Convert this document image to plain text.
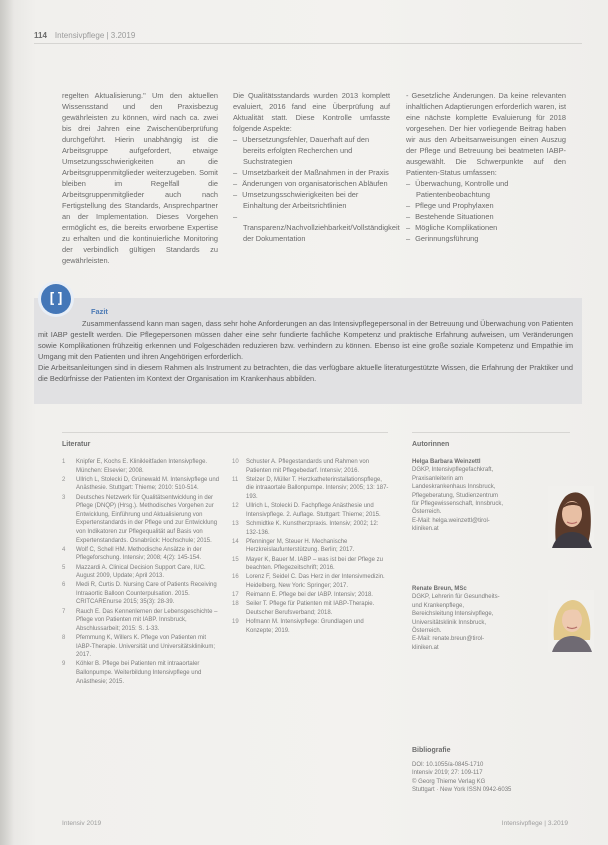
114 Intensivpflege | 3.2019

regelten Aktualisierung." Um den aktuellen Wissensstand und den Praxisbezug gewährleisten zu können, wird nach ca. zwei bis drei Jahren eine Zwischenüberprüfung durchgeführt. Hierin unabhängig ist die Arbeitsgruppe aufgefordert, etwaige Umsetzungsschwierigkeiten an die Arbeitsgruppenmitglieder weiterzugeben. Somit bleiben im Regelfall die Arbeitsgruppenmitglieder auch nach Fertigstellung des Standards, Ansprechpartner an der Implementation. Dieses Vorgehen ermöglicht es, die bereits erworbene Expertise zu erhalten und die kontinuierliche Monitoring der verbindlich gültigen Standards zu gewährleisten.

Die Qualitätsstandards wurden 2013 komplett evaluiert, 2016 fand eine Überprüfung auf Aktualität statt. Diese Kontrolle umfasste folgende Aspekte:

– Ubersetzungsfehler, Dauerhaft auf den bereits erfolgten Recherchen und Suchstrategien
– Umsetzbarkeit der Maßnahmen in der Praxis
– Änderungen von organisatorischen Abläufen
– Umsetzungsschwierigkeiten bei der Einhaltung der Arbeitsrichtlinien
– Transparenz/Nachvollziehbarkeit/Vollständigkeit der Dokumentation

- Gesetzliche Änderungen. Da keine relevanten inhaltlichen Adaptierungen erforderlich waren, ist eine nächste komplette Evaluierung für 2018 vorgesehen. Der hier vorliegende Beitrag haben wir aus den Arbeitsanweisungen einen Auszug der Pflege und Betreuung bei beatmeten IABP-ausgewählt. Die Schwerpunkte auf den Patienten-Status umfassen:

– Überwachung, Kontrolle und Patientenbeobachtung
– Pflege und Prophylaxen
– Bestehende Situationen
– Mögliche Komplikationen
– Gerinnungsführung
[]
Fazit

Zusammenfassend kann man sagen, dass sehr hohe Anforderungen an das Intensivpflegepersonal in der Betreuung und Überwachung von Patienten mit IABP gestellt werden. Die Pflegepersonen müssen daher eine sehr fundierte fachliche Kompetenz und praktische Erfahrung aufweisen, um Veränderungen sowie Komplikationen frühzeitig erkennen und Folgeschäden reduzieren bzw. verhindern zu können. Ebenso ist eine große soziale Kompetenz und Empathie im Umgang mit den Patienten und ihren Angehörigen erforderlich.

Die Arbeitsanleitungen sind in diesem Rahmen als Instrument zu betrachten, die das verfügbare aktuelle literaturgestützte Wissen, die Erfahrung der Praktiker und die Bedürfnisse der Patienten im Kontext der Organisation im Krankenhaus abbilden.

Literatur
1	Knipfer E, Kochs E. Klinikleitfaden Intensivpflege. München: Elsevier; 2008.
2	Ullrich L, Stolecki D, Grünewald M. Intensivpflege und Anästhesie. Stuttgart: Thieme; 2010: 510-514.
3	Deutsches Netzwerk für Qualitätsentwicklung in der Pflege (DNQP) (Hrsg.). Methodisches Vorgehen zur Entwicklung, Einführung und Aktualisierung von Expertenstandards in der Pflege und zur Entwicklung von Indikatoren zur Pflegequalität auf Basis von Expertenstandards. Osnabrück: Hochschule; 2015.
4	Wolf C, Schell HM. Methodische Ansätze in der Pflegeforschung. Intensiv; 2008; 4(2): 145-154.
5	Mazzardi A. Clinical Decision Support Care, IUC. August 2009, Update; April 2013.
6	Medi R, Curtis D. Nursing Care of Patients Receiving Intraaortic Balloon Counterpulsation. 2015. CRITCAREnurse 2015; 35(3): 28-39.
7	Rauch E. Das Kennenlernen der Lebensgeschichte – Pflege von Patienten mit IABP. Innsbruck, Abschlussarbeit; 2015: S. 1-33.
8	Pfemmung K, Willers K. Pflege von Patienten mit IABP-Therapie. Universität und Universitätsklinikum; 2017.
9	Köhler B. Pflege bei Patienten mit intraaortaler Ballonpumpe. Weiterbildung Intensivpflege und Anästhesie; 2015.
10	Schuster A. Pflegestandards und Rahmen von Patienten mit Pflegebedarf. Intensiv; 2016.
11	Stelzer D, Müller T. Herzkatheterinstallationspflege, die intraaortale Ballonpumpe. Intensiv; 2005; 13: 187-193.
12	Ullrich L, Stolecki D. Fachpflege Anästhesie und Intensivpflege. 2. Auflage. Stuttgart: Thieme; 2015.
13	Schmidtke K. Kunstherzpraxis. Intensiv; 2002; 12: 132-136.
14	Pfenninger M, Steuer H. Mechanische Herzkreislaufunterstützung. Berlin; 2017.
15	Mayer K, Bauer M. IABP – was ist bei der Pflege zu beachten. Pflegezeitschrift; 2016.
16	Lorenz F, Seidel C. Das Herz in der Intensivmedizin. Heidelberg, New York: Springer; 2017.
17	Reimann E. Pflege bei der IABP. Intensiv; 2018.
18	Seiler T. Pflege für Patienten mit IABP-Therapie. Deutscher Berufsverband; 2018.
19	Hofmann M. Intensivpflege: Grundlagen und Konzepte; 2019.
Autorinnen

Helga Barbara Weinzettl

DGKP, Intensivpflegefachkraft, Praxisanleiterin am Landeskrankenhaus Innsbruck, Pflegeberatung, Studienzentrum für Pflegewissenschaft, Innsbruck, Österreich.

E-Mail: helga.weinzettl@tirol-kliniken.at

Renate Breun, MSc

DGKP, Lehrerin für Gesundheits- und Krankenpflege, Bereichsleitung Intensivpflege, Universitätsklinik Innsbruck, Österreich.

E-Mail: renate.breun@tirol-kliniken.at

Bibliografie

DOI: 10.1055/a-0845-1710

Intensiv 2019; 27: 109-117

© Georg Thieme Verlag KG

Stuttgart · New York ISSN 0942-6035

Intensiv 2019	Intensivpflege | 3.2019
